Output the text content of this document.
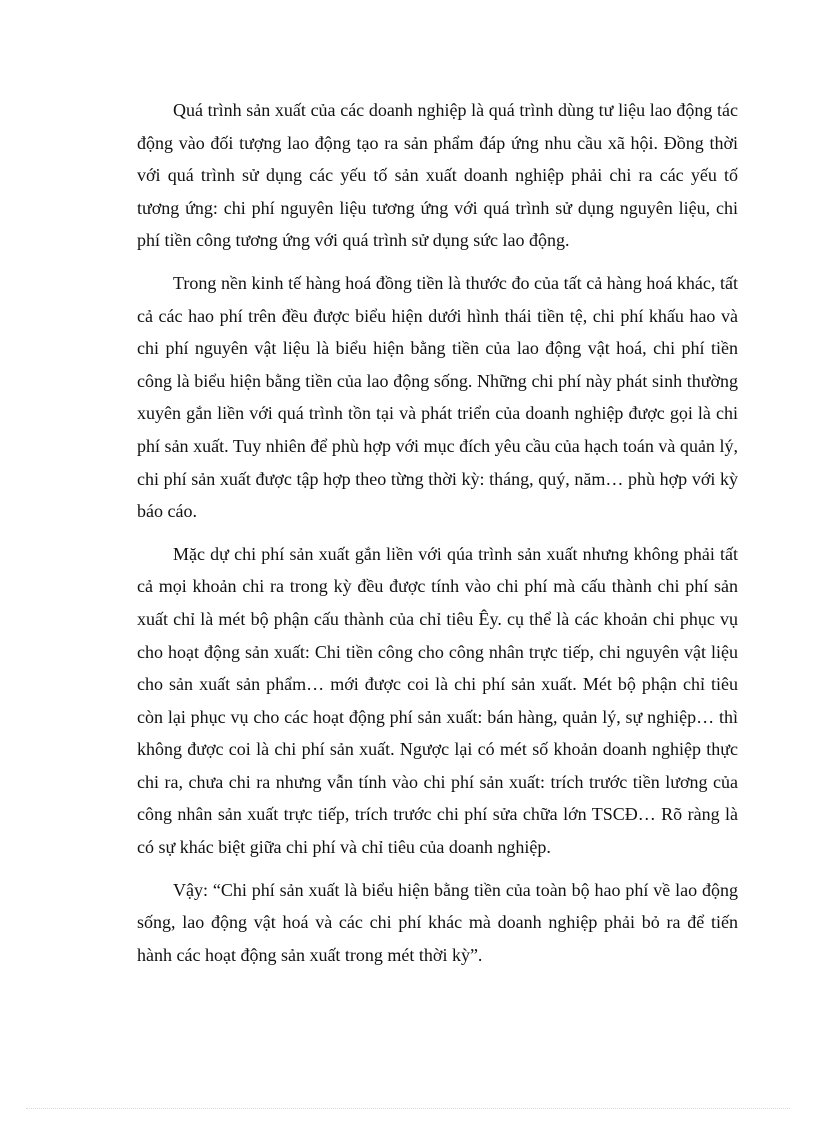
Quá trình sản xuất của các doanh nghiệp là quá trình dùng tư liệu lao động tác động vào đối tượng lao động tạo ra sản phẩm đáp ứng nhu cầu xã hội. Đồng thời với quá trình sử dụng các yếu tố sản xuất doanh nghiệp phải chi ra các yếu tố tương ứng: chi phí nguyên liệu tương ứng với quá trình sử dụng nguyên liệu, chi phí tiền công tương ứng với quá trình sử dụng sức lao động.

Trong nền kinh tế hàng hoá đồng tiền là thước đo của tất cả hàng hoá khác, tất cả các hao phí trên đều được biểu hiện dưới hình thái tiền tệ, chi phí khấu hao và chi phí nguyên vật liệu là biểu hiện bằng tiền của lao động vật hoá, chi phí tiền công là biểu hiện bằng tiền của lao động sống. Những chi phí này phát sinh thường xuyên gắn liền với quá trình tồn tại và phát triển của doanh nghiệp được gọi là chi phí sản xuất. Tuy nhiên để phù hợp với mục đích yêu cầu của hạch toán và quản lý, chi phí sản xuất được tập hợp theo từng thời kỳ: tháng, quý, năm… phù hợp với kỳ báo cáo.

Mặc dự chi phí sản xuất gắn liền với qúa trình sản xuất nhưng không phải tất cả mọi khoản chi ra trong kỳ đều được tính vào chi phí mà cấu thành chi phí sản xuất chỉ là mét bộ phận cấu thành của chỉ tiêu Êy. cụ thể là các khoản chi phục vụ cho hoạt động sản xuất: Chi tiền công cho công nhân trực tiếp, chi nguyên vật liệu cho sản xuất sản phẩm… mới được coi là chi phí sản xuất. Mét bộ phận chỉ tiêu còn lại phục vụ cho các hoạt động phí sản xuất: bán hàng, quản lý, sự nghiệp… thì không được coi là chi phí sản xuất. Ngược lại có mét số khoản doanh nghiệp thực chi ra, chưa chi ra nhưng vẫn tính vào chi phí sản xuất: trích trước tiền lương của công nhân sản xuất trực tiếp, trích trước chi phí sửa chữa lớn TSCĐ… Rõ ràng là có sự khác biệt giữa chi phí và chỉ tiêu của doanh nghiệp.

Vậy: “Chi phí sản xuất là biểu hiện bằng tiền của toàn bộ hao phí về lao động sống, lao động vật hoá và các chi phí khác mà doanh nghiệp phải bỏ ra để tiến hành các hoạt động sản xuất trong mét thời kỳ”.
